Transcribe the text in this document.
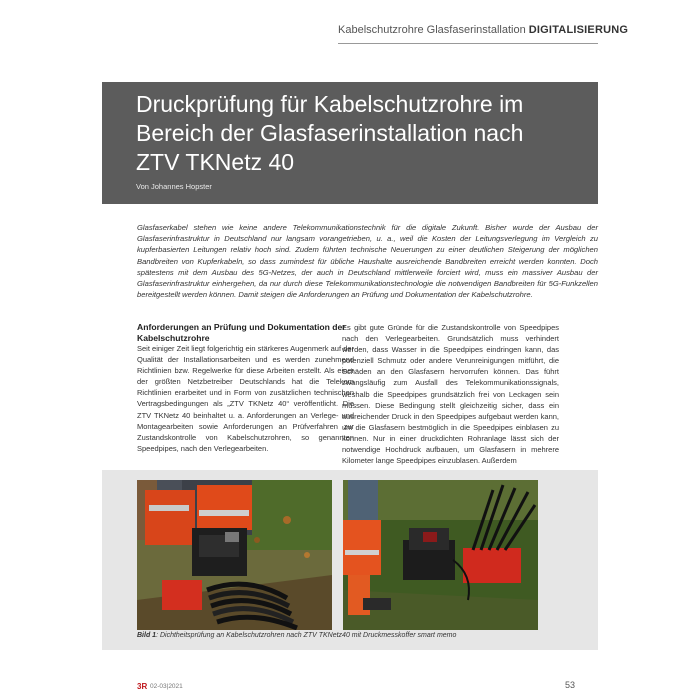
Kabelschutzrohre Glasfaserinstallation DIGITALISIERUNG
Druckprüfung für Kabelschutzrohre im Bereich der Glasfaserinstallation nach ZTV TKNetz 40
Von Johannes Hopster
Glasfaserkabel stehen wie keine andere Telekommunikationstechnik für die digitale Zukunft. Bisher wurde der Ausbau der Glasfaserinfrastruktur in Deutschland nur langsam vorangetrieben, u. a., weil die Kosten der Leitungsverlegung im Vergleich zu kupferbasierten Leitungen relativ hoch sind. Zudem führten technische Neuerungen zu einer deutlichen Steigerung der möglichen Bandbreiten von Kupferkabeln, so dass zumindest für übliche Haushalte ausreichende Bandbreiten erreicht werden konnten. Doch spätestens mit dem Ausbau des 5G-Netzes, der auch in Deutschland mittlerweile forciert wird, muss ein massiver Ausbau der Glasfaserinfrastruktur einhergehen, da nur durch diese Telekommunikationstechnologie die notwendigen Bandbreiten für 5G-Funkzellen bereitgestellt werden können. Damit steigen die Anforderungen an Prüfung und Dokumentation der Kabelschutzrohre.
Anforderungen an Prüfung und Dokumentation der Kabelschutzrohre

Seit einiger Zeit liegt folgerichtig ein stärkeres Augenmerk auf der Qualität der Installationsarbeiten und es werden zunehmend Richtlinien bzw. Regelwerke für diese Arbeiten erstellt. Als einer der größten Netzbetreiber Deutschlands hat die Telekom Richtlinien erarbeitet und in Form von zusätzlichen technischen Vertragsbedingungen als „ZTV TKNetz 40“ veröffentlicht. Die ZTV TKNetz 40 beinhaltet u. a. Anforderungen an Verlege- und Montagearbeiten sowie Anforderungen an Prüfverfahren zur Zustandskontrolle von Kabelschutzrohren, so genannten Speedpipes, nach den Verlegearbeiten.

Es gibt gute Gründe für die Zustandskontrolle von Speedpipes nach den Verlegearbeiten. Grundsätzlich muss verhindert werden, dass Wasser in die Speedpipes eindringen kann, das potenziell Schmutz oder andere Verunreinigungen mitführt, die Schäden an den Glasfasern hervorrufen können. Das führt zwangsläufig zum Ausfall des Telekommunikationssignals, weshalb die Speedpipes grundsätzlich frei von Leckagen sein müssen. Diese Bedingung stellt gleichzeitig sicher, dass ein ausreichender Druck in den Speedpipes aufgebaut werden kann, um die Glasfasern bestmöglich in die Speedpipes einblasen zu können. Nur in einer druckdichten Rohranlage lässt sich der notwendige Hochdruck aufbauen, um Glasfasern in mehrere Kilometer lange Speedpipes einzublasen. Außerdem

Bild 1: Dichtheitsprüfung an Kabelschutzrohren nach ZTV TKNetz40 mit Druckmesskoffer smart memo
3R 02-03|2021	53
